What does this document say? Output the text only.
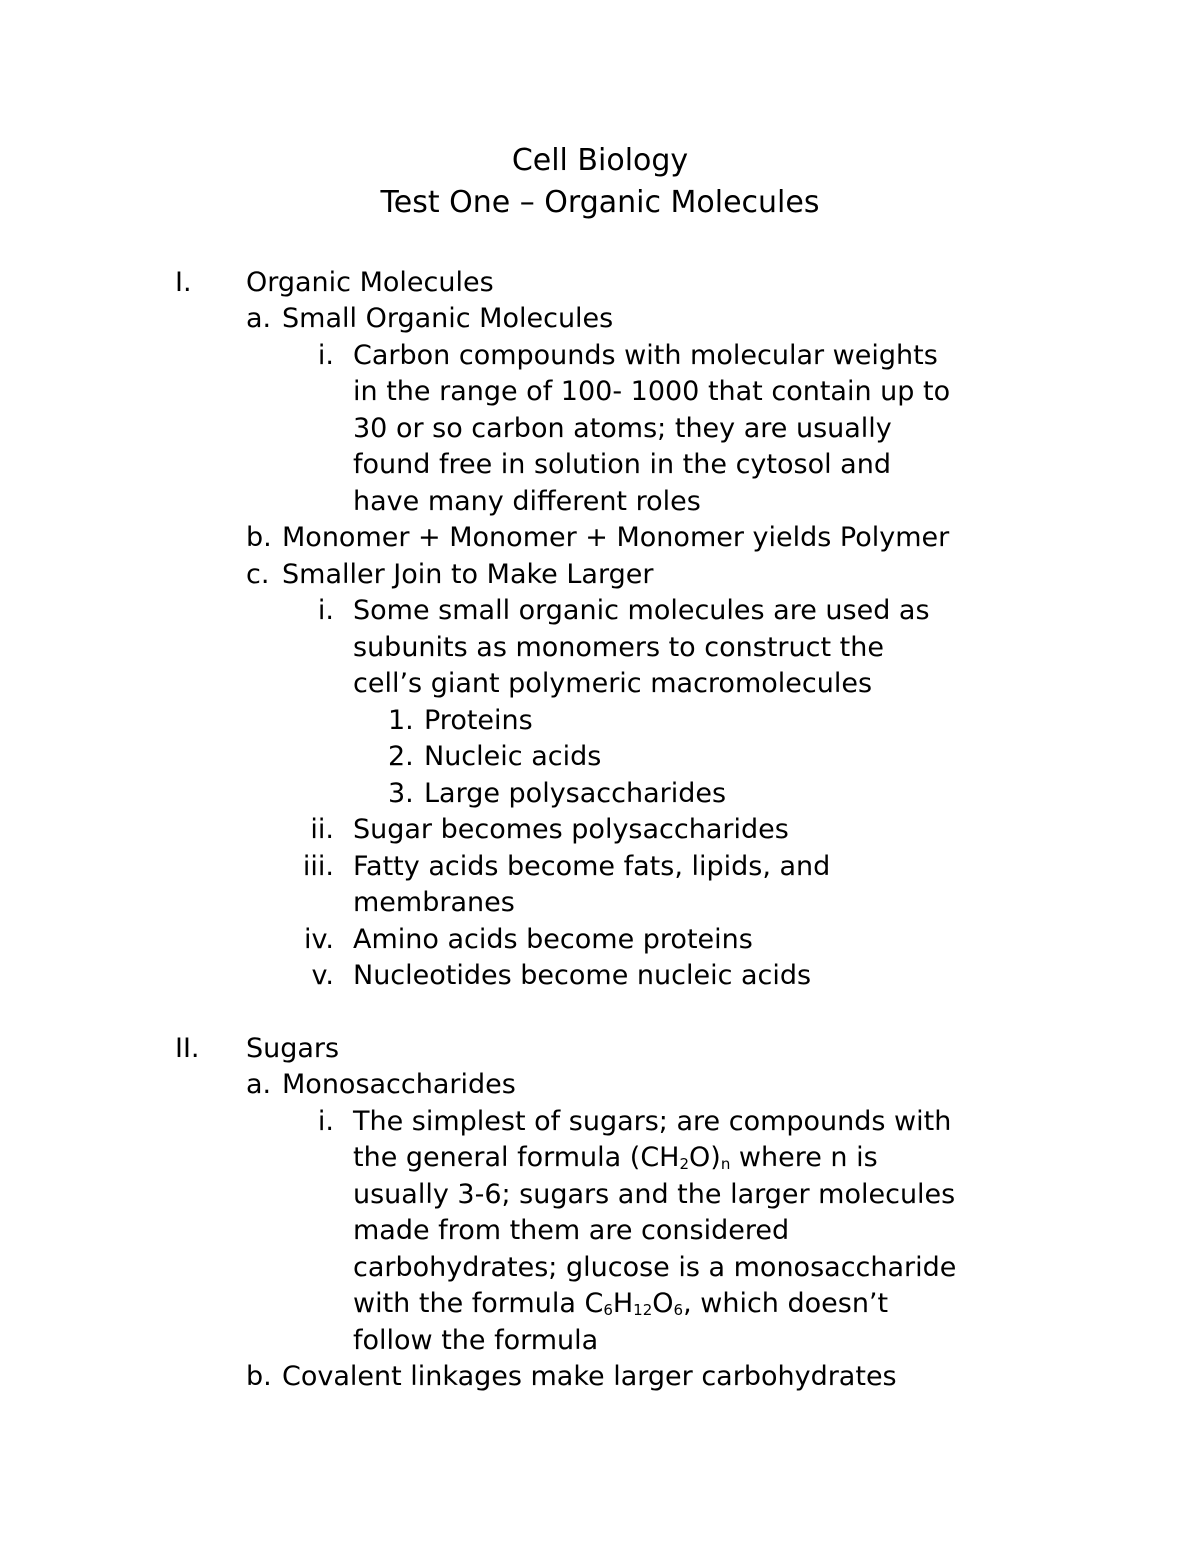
Cell Biology
Test One – Organic Molecules
I. Organic Molecules
a. Small Organic Molecules
i. Carbon compounds with molecular weights
in the range of 100- 1000 that contain up to
30 or so carbon atoms; they are usually
found free in solution in the cytosol and
have many different roles
b. Monomer + Monomer + Monomer yields Polymer
c. Smaller Join to Make Larger
i. Some small organic molecules are used as
subunits as monomers to construct the
cell’s giant polymeric macromolecules
1. Proteins
2. Nucleic acids
3. Large polysaccharides
ii. Sugar becomes polysaccharides
iii. Fatty acids become fats, lipids, and
membranes
iv. Amino acids become proteins
v. Nucleotides become nucleic acids
II. Sugars
a. Monosaccharides
i. The simplest of sugars; are compounds with
the general formula $(CH_2O)_n$ where n is
usually 3-6; sugars and the larger molecules
made from them are considered
carbohydrates; glucose is a monosaccharide
with the formula $C_6H_{12}O_6$, which doesn’t
follow the formula
b. Covalent linkages make larger carbohydrates
